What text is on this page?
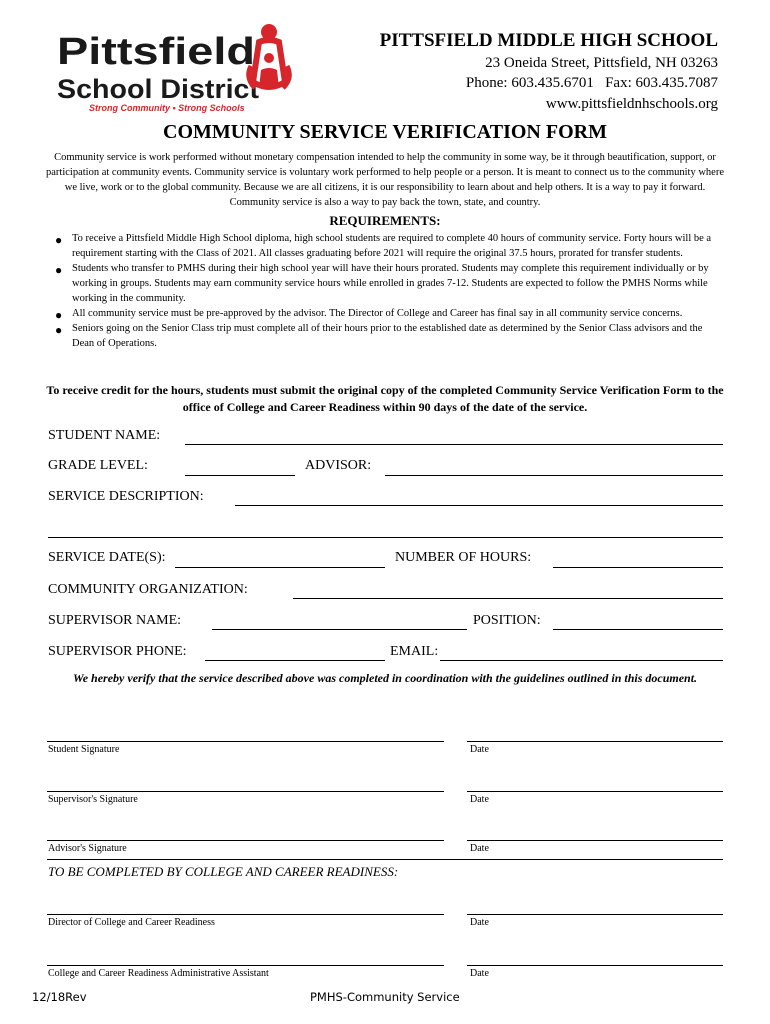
Pittsfield
School District
Strong Community • Strong Schools
PITTSFIELD MIDDLE HIGH SCHOOL
23 Oneida Street, Pittsfield, NH 03263
Phone: 603.435.6701   Fax: 603.435.7087
www.pittsfieldnhschools.org
COMMUNITY SERVICE VERIFICATION FORM
Community service is work performed without monetary compensation intended to help the community in some way, be it through beautification, support, or participation at community events. Community service is voluntary work performed to help people or a person. It is meant to connect us to the community where we live, work or to the global community. Because we are all citizens, it is our responsibility to learn about and help others. It is a way to pay it forward. Community service is also a way to pay back the town, state, and country.
REQUIREMENTS:
● To receive a Pittsfield Middle High School diploma, high school students are required to complete 40 hours of community service. Forty hours will be a requirement starting with the Class of 2021. All classes graduating before 2021 will require the original 37.5 hours, prorated for transfer students.
● Students who transfer to PMHS during their high school year will have their hours prorated. Students may complete this requirement individually or by working in groups. Students may earn community service hours while enrolled in grades 7-12. Students are expected to follow the PMHS Norms while working in the community.
● All community service must be pre-approved by the advisor. The Director of College and Career has final say in all community service concerns.
● Seniors going on the Senior Class trip must complete all of their hours prior to the established date as determined by the Senior Class advisors and the Dean of Operations.
To receive credit for the hours, students must submit the original copy of the completed Community Service Verification Form to the office of College and Career Readiness within 90 days of the date of the service.
STUDENT NAME:
GRADE LEVEL:	ADVISOR:
SERVICE DESCRIPTION:
SERVICE DATE(S):	NUMBER OF HOURS:
COMMUNITY ORGANIZATION:
SUPERVISOR NAME:	POSITION:
SUPERVISOR PHONE:	EMAIL:
We hereby verify that the service described above was completed in coordination with the guidelines outlined in this document.
Student Signature	Date
Supervisor's Signature	Date
Advisor's Signature	Date
TO BE COMPLETED BY COLLEGE AND CAREER READINESS:
Director of College and Career Readiness	Date
College and Career Readiness Administrative Assistant	Date
12/18Rev	PMHS-Community Service
